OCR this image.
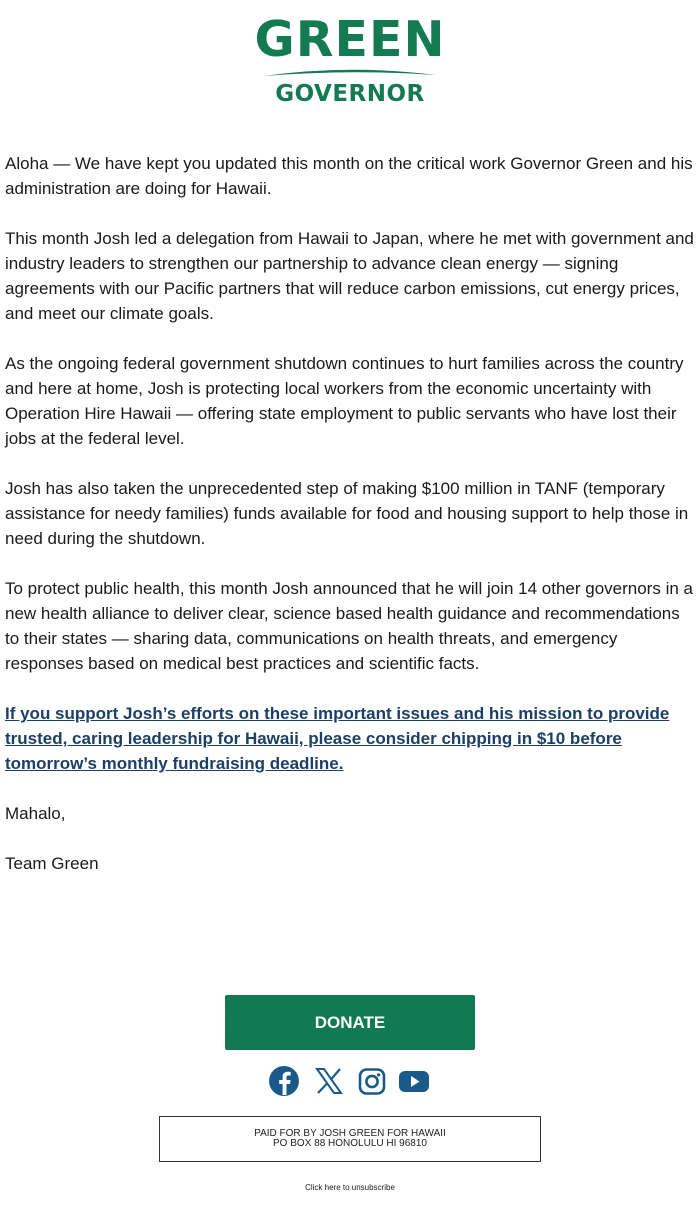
GREEN
GOVERNOR

Aloha — We have kept you updated this month on the critical work Governor Green and his administration are doing for Hawaii.

This month Josh led a delegation from Hawaii to Japan, where he met with government and industry leaders to strengthen our partnership to advance clean energy — signing agreements with our Pacific partners that will reduce carbon emissions, cut energy prices, and meet our climate goals.

As the ongoing federal government shutdown continues to hurt families across the country and here at home, Josh is protecting local workers from the economic uncertainty with Operation Hire Hawaii — offering state employment to public servants who have lost their jobs at the federal level.

Josh has also taken the unprecedented step of making $100 million in TANF (temporary assistance for needy families) funds available for food and housing support to help those in need during the shutdown.

To protect public health, this month Josh announced that he will join 14 other governors in a new health alliance to deliver clear, science based health guidance and recommendations to their states — sharing data, communications on health threats, and emergency responses based on medical best practices and scientific facts.

If you support Josh’s efforts on these important issues and his mission to provide trusted, caring leadership for Hawaii, please consider chipping in $10 before tomorrow’s monthly fundraising deadline.

Mahalo,

Team Green

DONATE

PAID FOR BY JOSH GREEN FOR HAWAII
PO BOX 88 HONOLULU HI 96810
Click here to unsubscribe
